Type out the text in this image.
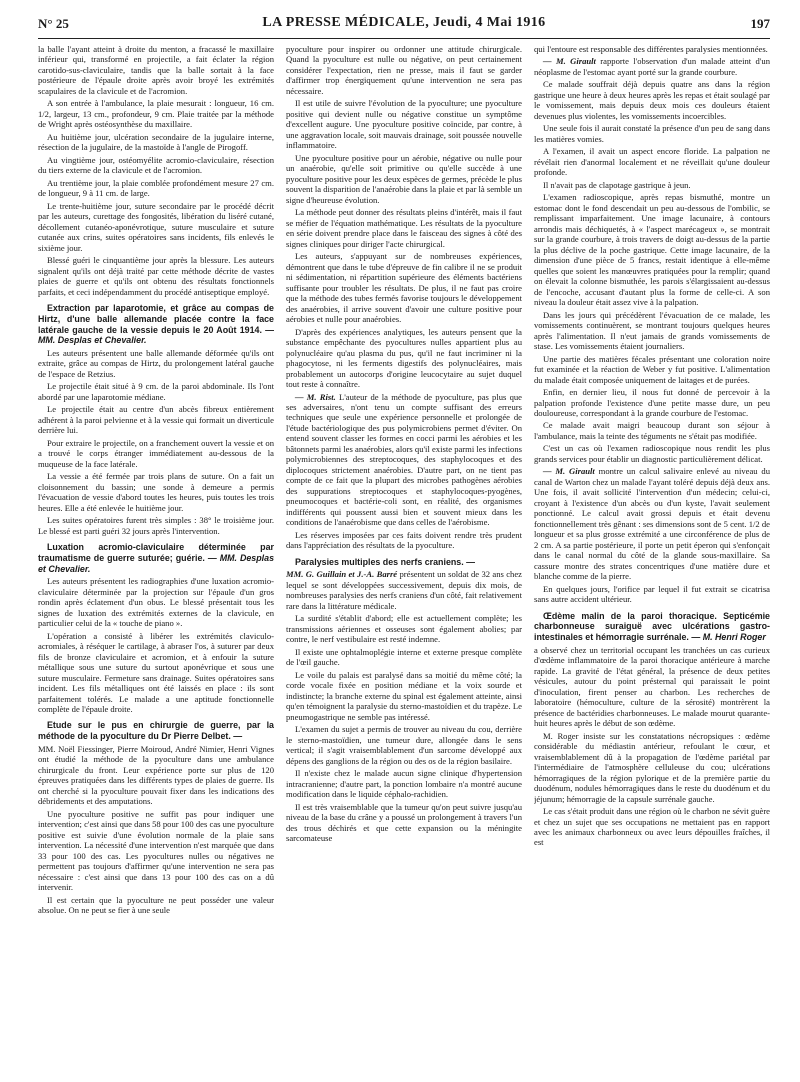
N° 25	LA PRESSE MÉDICALE, Jeudi, 4 Mai 1916	197

la balle l'ayant atteint à droite du menton, a fracassé le maxillaire inférieur qui, transformé en projectile, a fait éclater la région carotido-sus-claviculaire, tandis que la balle sortait à la face postérieure de l'épaule droite après avoir broyé les extrémités scapulaires de la clavicule et de l'acromion.

A son entrée à l'ambulance, la plaie mesurait : longueur, 16 cm. 1/2, largeur, 13 cm., profondeur, 9 cm. Plaie traitée par la méthode de Wright après ostéosynthèse du maxillaire.

Au huitième jour, ulcération secondaire de la jugulaire interne, résection de la jugulaire, de la mastoïde à l'angle de Pirogoff.

Au vingtième jour, ostéomyélite acromio-claviculaire, résection du tiers externe de la clavicule et de l'acromion.

Au trentième jour, la plaie comblée profondément mesure 27 cm. de longueur, 9 à 11 cm. de large.

Le trente-huitième jour, suture secondaire par le procédé décrit par les auteurs, curettage des fongosités, libération du liséré cutané, décollement cutanéo-aponévrotique, suture musculaire et suture cutanée aux crins, suites opératoires sans incidents, fils enlevés le sixième jour.

Blessé guéri le cinquantième jour après la blessure. Les auteurs signalent qu'ils ont déjà traité par cette méthode décrite de vastes plaies de guerre et qu'ils ont obtenu des résultats fonctionnels parfaits, et ceci indépendamment du procédé antiseptique employé.

Extraction par laparotomie, et grâce au compas de Hirtz, d'une balle allemande placée contre la face latérale gauche de la vessie depuis le 20 Août 1914. — MM. Desplas et Chevalier.

Les auteurs présentent une balle allemande déformée qu'ils ont extraite, grâce au compas de Hirtz, du prolongement latéral gauche de l'espace de Retzius.

Le projectile était situé à 9 cm. de la paroi abdominale. Ils l'ont abordé par une laparotomie médiane.

Le projectile était au centre d'un abcès fibreux entièrement adhérent à la paroi pelvienne et à la vessie qui formait un diverticule derrière lui.

Pour extraire le projectile, on a franchement ouvert la vessie et on a trouvé le corps étranger immédiatement au-dessous de la muqueuse de la face latérale.

La vessie a été fermée par trois plans de suture. On a fait un cloisonnement du bassin; une sonde à demeure a permis l'évacuation de vessie d'abord toutes les heures, puis toutes les trois heures. Elle a été enlevée le huitième jour.

Les suites opératoires furent très simples : 38° le troisième jour. Le blessé est parti guéri 32 jours après l'intervention.

Luxation acromio-claviculaire déterminée par traumatisme de guerre suturée; guérie. — MM. Desplas et Chevalier.

Les auteurs présentent les radiographies d'une luxation acromio-claviculaire déterminée par la projection sur l'épaule d'un gros rondin après éclatement d'un obus. Le blessé présentait tous les signes de luxation des extrémités externes de la clavicule, en particulier celui de la « touche de piano ».

L'opération a consisté à libérer les extrémités claviculo-acromiales, à réséquer le cartilage, à abraser l'os, à suturer par deux fils de bronze claviculaire et acromion, et à enfouir la suture métallique sous une suture du surtout aponévrique et sous une suture musculaire. Fermeture sans drainage. Suites opératoires sans incident. Les fils métalliques ont été laissés en place : ils sont parfaitement tolérés. Le malade a une aptitude fonctionnelle complète de l'épaule droite.

Etude sur le pus en chirurgie de guerre, par la méthode de la pyoculture du Dr Pierre Delbet. —

MM. Noël Fiessinger, Pierre Moiroud, André Nimier, Henri Vignes ont étudié la méthode de la pyoculture dans une ambulance chirurgicale du front. Leur expérience porte sur plus de 120 épreuves pratiquées dans les différents types de plaies de guerre. Ils ont cherché si la pyoculture pouvait fixer dans les indications des débridements et des amputations.

Une pyoculture positive ne suffit pas pour indiquer une intervention; c'est ainsi que dans 58 pour 100 des cas une pyoculture positive est suivie d'une évolution normale de la plaie sans intervention. La nécessité d'une intervention n'est marquée que dans 33 pour 100 des cas. Les pyocultures nulles ou négatives ne permettent pas toujours d'affirmer qu'une intervention ne sera pas nécessaire : c'est ainsi que dans 13 pour 100 des cas on a dû intervenir.

Il est certain que la pyoculture ne peut posséder une valeur absolue. On ne peut se fier à une seule

pyoculture pour inspirer ou ordonner une attitude chirurgicale. Quand la pyoculture est nulle ou négative, on peut certainement considérer l'expectation, rien ne presse, mais il faut se garder d'affirmer trop énergiquement qu'une intervention ne sera pas nécessaire.

Il est utile de suivre l'évolution de la pyoculture; une pyoculture positive qui devient nulle ou négative constitue un symptôme d'excellent augure. Une pyoculture positive coïncide, par contre, à une aggravation locale, soit mauvais drainage, soit poussée nouvelle inflammatoire.

Une pyoculture positive pour un aérobie, négative ou nulle pour un anaérobie, qu'elle soit primitive ou qu'elle succède à une pyoculture positive pour les deux espèces de germes, précède le plus souvent la disparition de l'anaérobie dans la plaie et par là semble un signe d'heureuse évolution.

La méthode peut donner des résultats pleins d'intérêt, mais il faut se méfier de l'équation mathématique. Les résultats de la pyoculture en série doivent prendre place dans le faisceau des signes à côté des signes cliniques pour diriger l'acte chirurgical.

Les auteurs, s'appuyant sur de nombreuses expériences, démontrent que dans le tube d'épreuve de fin calibre il ne se produit ni sédimentation, ni répartition supérieure des éléments bactériens suffisante pour troubler les résultats. De plus, il ne faut pas croire que la méthode des tubes fermés favorise toujours le développement des anaérobies, il arrive souvent d'avoir une culture positive pour aérobies et nulle pour anaérobies.

D'après des expériences analytiques, les auteurs pensent que la substance empêchante des pyocultures nulles appartient plus au polynucléaire qu'au plasma du pus, qu'il ne faut incriminer ni la phagocytose, ni les ferments digestifs des polynucléaires, mais probablement un autocorps d'origine leucocytaire au sujet duquel tout reste à connaître.

— M. Rist. L'auteur de la méthode de pyoculture, pas plus que ses adversaires, n'ont tenu un compte suffisant des erreurs techniques que seule une expérience personnelle et prolongée de l'étude bactériologique des pus polymicrobiens permet d'éviter. On entend souvent classer les formes en cocci parmi les aérobies et les bâtonnets parmi les anaérobies, alors qu'il existe parmi les infections polymicrobiennes des streptocoques, des staphylocoques et des diplocoques strictement anaérobies. D'autre part, on ne tient pas compte de ce fait que la plupart des microbes pathogènes aérobies des suppurations streptocoques et staphylocoques-pyogènes, pneumocoques et bactérie-coli sont, en réalité, des organismes indifférents qui poussent aussi bien et souvent mieux dans les conditions de l'anaérobisme que dans celles de l'aérobisme.

Les réserves imposées par ces faits doivent rendre très prudent dans l'appréciation des résultats de la pyoculture.

Paralysies multiples des nerfs craniens. —

MM. G. Guillain et J.-A. Barré présentent un soldat de 32 ans chez lequel se sont développées successivement, depuis dix mois, de nombreuses paralysies des nerfs craniens d'un côté, fait relativement rare dans la littérature médicale.

La surdité s'établit d'abord; elle est actuellement complète; les transmissions aériennes et osseuses sont également abolies; par contre, le nerf vestibulaire est resté indemne.

Il existe une ophtalmoplégie interne et externe presque complète de l'œil gauche.

Le voile du palais est paralysé dans sa moitié du même côté; la corde vocale fixée en position médiane et la voix sourde et indistincte; la branche externe du spinal est également atteinte, ainsi qu'en témoignent la paralysie du sterno-mastoïdien et du trapèze. Le pneumogastrique ne semble pas intéressé.

L'examen du sujet a permis de trouver au niveau du cou, derrière le sterno-mastoïdien, une tumeur dure, allongée dans le sens vertical; il s'agit vraisemblablement d'un sarcome développé aux dépens des ganglions de la région ou des os de la région basilaire.

Il n'existe chez le malade aucun signe clinique d'hypertension intracranienne; d'autre part, la ponction lombaire n'a montré aucune modification dans le liquide céphalo-rachidien.

Il est très vraisemblable que la tumeur qu'on peut suivre jusqu'au niveau de la base du crâne y a poussé un prolongement à travers l'un des trous déchirés et que cette expansion ou la méningite sarcomateuse

qui l'entoure est responsable des différentes paralysies mentionnées.

— M. Girault rapporte l'observation d'un malade atteint d'un néoplasme de l'estomac ayant porté sur la grande courbure.

Ce malade souffrait déjà depuis quatre ans dans la région gastrique une heure à deux heures après les repas et était soulagé par le vomissement, mais depuis deux mois ces douleurs étaient devenues plus violentes, les vomissements incoercibles.

Une seule fois il aurait constaté la présence d'un peu de sang dans les matières vomies.

A l'examen, il avait un aspect encore floride. La palpation ne révélait rien d'anormal localement et ne réveillait qu'une douleur profonde.

Il n'avait pas de clapotage gastrique à jeun.

L'examen radioscopique, après repas bismuthé, montre un estomac dont le fond descendait un peu au-dessous de l'ombilic, se remplissant imparfaitement. Une image lacunaire, à contours arrondis mais déchiquetés, à « l'aspect marécageux », se montrait sur la grande courbure, à trois travers de doigt au-dessus de la partie la plus déclive de la poche gastrique. Cette image lacunaire, de la dimension d'une pièce de 5 francs, restait identique à elle-même quelles que soient les manœuvres pratiquées pour la remplir; quand on élevait la colonne bismuthée, les parois s'élargissaient au-dessus de l'encoche, accusant d'autant plus la forme de celle-ci. A son niveau la douleur était assez vive à la palpation.

Dans les jours qui précédèrent l'évacuation de ce malade, les vomissements continuèrent, se montrant toujours quelques heures après l'alimentation. Il n'eut jamais de grands vomissements de stase. Les vomissements étaient journaliers.

Une partie des matières fécales présentant une coloration noire fut examinée et la réaction de Weber y fut positive. L'alimentation du malade était composée uniquement de laitages et de purées.

Enfin, en dernier lieu, il nous fut donné de percevoir à la palpation profonde l'existence d'une petite masse dure, un peu douloureuse, correspondant à la grande courbure de l'estomac.

Ce malade avait maigri beaucoup durant son séjour à l'ambulance, mais la teinte des téguments ne s'était pas modifiée.

C'est un cas où l'examen radioscopique nous rendit les plus grands services pour établir un diagnostic particulièrement délicat.

— M. Girault montre un calcul salivaire enlevé au niveau du canal de Warton chez un malade l'ayant toléré depuis déjà deux ans. Une fois, il avait sollicité l'intervention d'un médecin; celui-ci, croyant à l'existence d'un abcès ou d'un kyste, l'avait seulement ponctionné. Le calcul avait grossi depuis et était devenu fonctionnellement très gênant : ses dimensions sont de 5 cent. 1/2 de longueur et sa plus grosse extrémité a une circonférence de plus de 2 cm. A sa partie postérieure, il porte un petit éperon qui s'enfonçait dans le canal normal du côté de la glande sous-maxillaire. Sa cassure montre des strates concentriques d'une matière dure et blanche comme de la pierre.

En quelques jours, l'orifice par lequel il fut extrait se cicatrisa sans autre accident ultérieur.

Œdème malin de la paroi thoracique. Septicémie charbonneuse suraiguë avec ulcérations gastro-intestinales et hémorragie surrénale. — M. Henri Roger

a observé chez un territorial occupant les tranchées un cas curieux d'œdème inflammatoire de la paroi thoracique antérieure à marche rapide. La gravité de l'état général, la présence de deux petites vésicules, autour du point présternal qui paraissait le point d'inoculation, firent penser au charbon. Les recherches de laboratoire (hémoculture, culture de la sérosité) montrèrent la présence de bactéridies charbonneuses. Le malade mourut quarante-huit heures après le début de son œdème.

M. Roger insiste sur les constatations nécropsiques : œdème considérable du médiastin antérieur, refoulant le cœur, et vraisemblablement dû à la propagation de l'œdème pariétal par l'intermédiaire de l'atmosphère celluleuse du cou; ulcérations hémorragiques de la région pylorique et de la première partie du duodénum, nodules hémorragiques dans le reste du duodénum et du jéjunum; hémorragie de la capsule surrénale gauche.

Le cas s'était produit dans une région où le charbon ne sévit guère et chez un sujet que ses occupations ne mettaient pas en rapport avec les animaux charbonneux ou avec leurs dépouilles fraîches, il est
